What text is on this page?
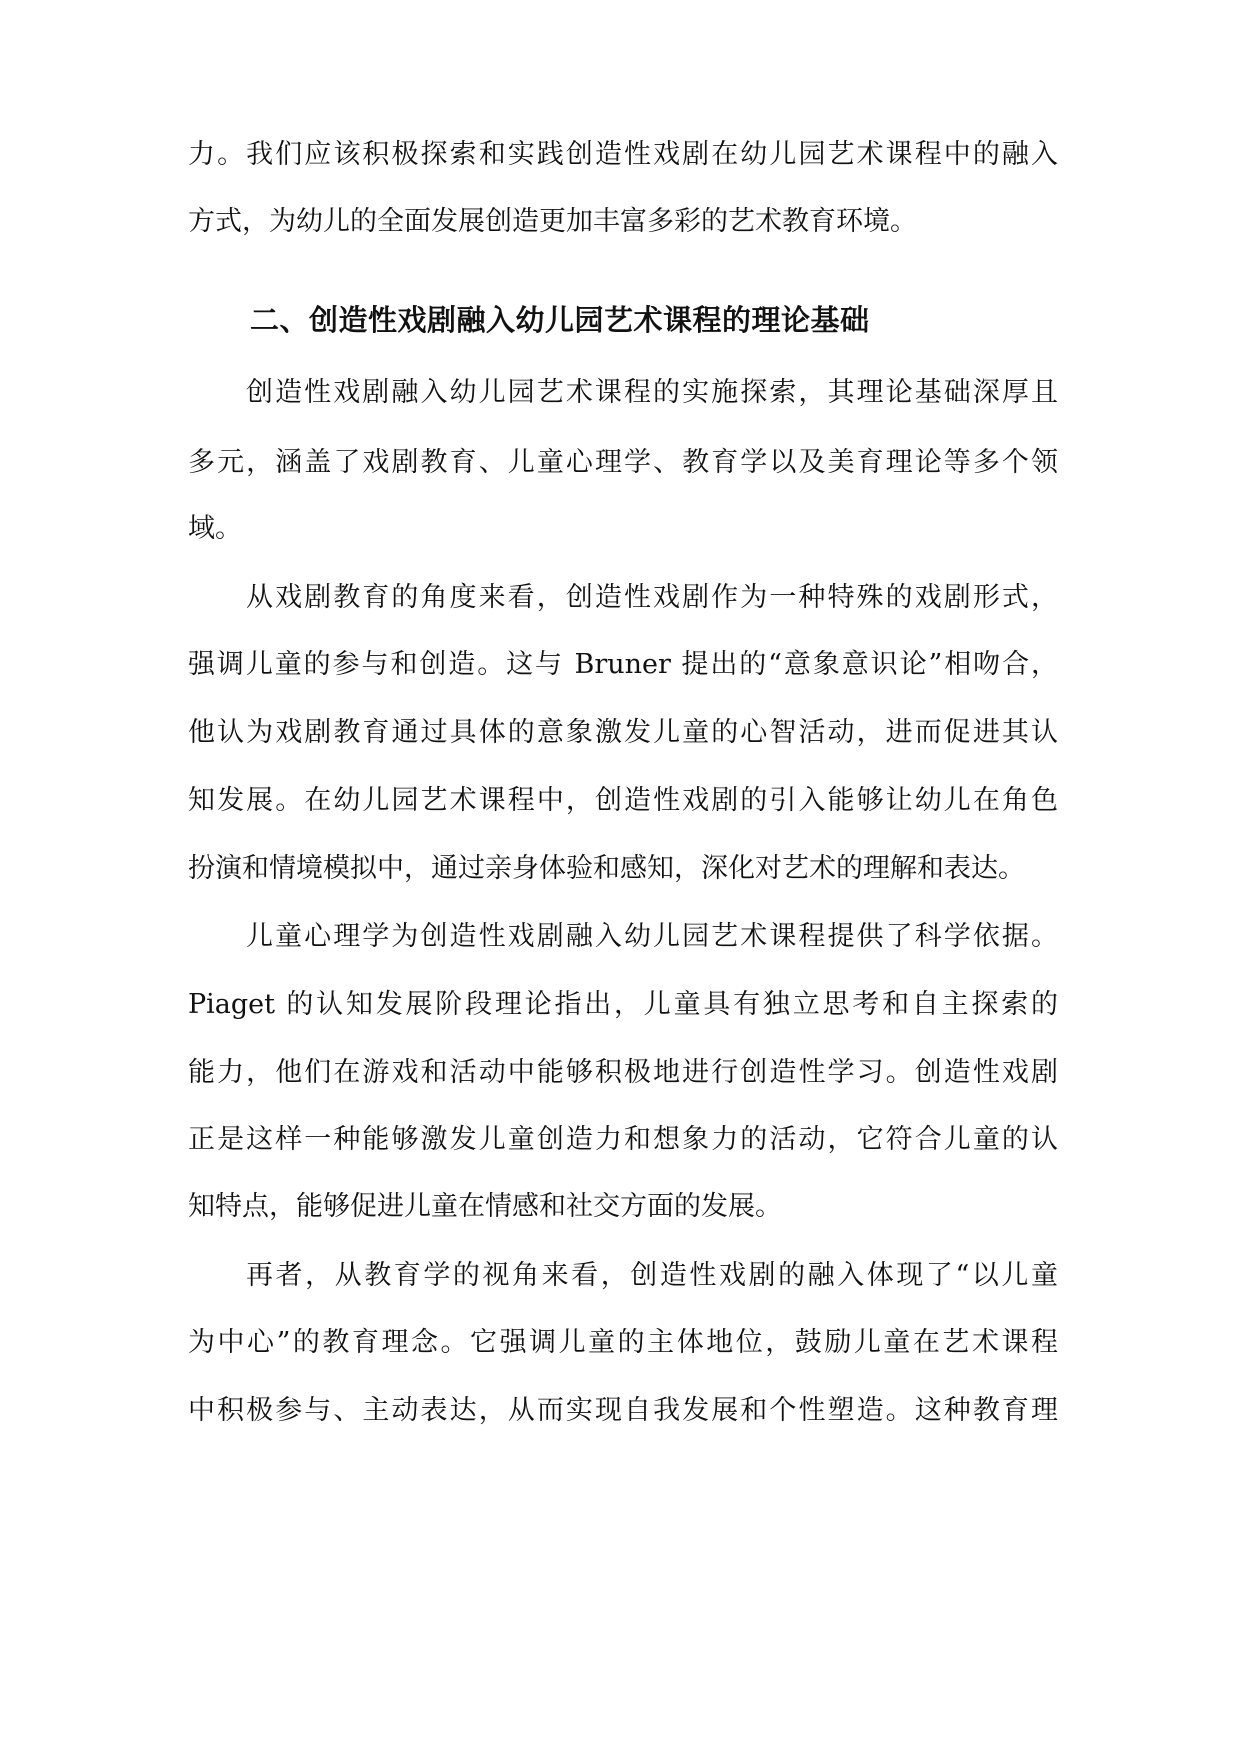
力。我们应该积极探索和实践创造性戏剧在幼儿园艺术课程中的融入
方式，为幼儿的全面发展创造更加丰富多彩的艺术教育环境。
二、创造性戏剧融入幼儿园艺术课程的理论基础
创造性戏剧融入幼儿园艺术课程的实施探索，其理论基础深厚且
多元，涵盖了戏剧教育、儿童心理学、教育学以及美育理论等多个领
域。
从戏剧教育的角度来看，创造性戏剧作为一种特殊的戏剧形式，
强调儿童的参与和创造。这与 Bruner 提出的“意象意识论”相吻合，
他认为戏剧教育通过具体的意象激发儿童的心智活动，进而促进其认
知发展。在幼儿园艺术课程中，创造性戏剧的引入能够让幼儿在角色
扮演和情境模拟中，通过亲身体验和感知，深化对艺术的理解和表达。
儿童心理学为创造性戏剧融入幼儿园艺术课程提供了科学依据。
Piaget 的认知发展阶段理论指出，儿童具有独立思考和自主探索的
能力，他们在游戏和活动中能够积极地进行创造性学习。创造性戏剧
正是这样一种能够激发儿童创造力和想象力的活动，它符合儿童的认
知特点，能够促进儿童在情感和社交方面的发展。
再者，从教育学的视角来看，创造性戏剧的融入体现了“以儿童
为中心”的教育理念。它强调儿童的主体地位，鼓励儿童在艺术课程
中积极参与、主动表达，从而实现自我发展和个性塑造。这种教育理
